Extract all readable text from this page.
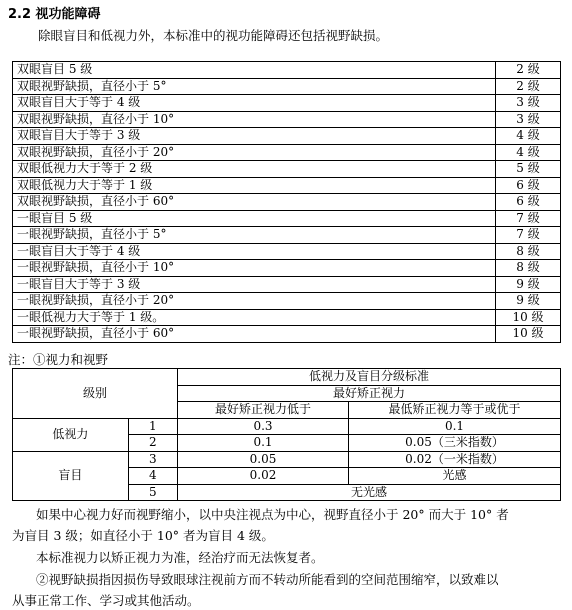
2.2 视功能障碍
除眼盲目和低视力外，本标准中的视功能障碍还包括视野缺损。
双眼盲目 5 级	2 级
双眼视野缺损，直径小于 5°	2 级
双眼盲目大于等于 4 级	3 级
双眼视野缺损，直径小于 10°	3 级
双眼盲目大于等于 3 级	4 级
双眼视野缺损，直径小于 20°	4 级
双眼低视力大于等于 2 级	5 级
双眼低视力大于等于 1 级	6 级
双眼视野缺损，直径小于 60°	6 级
一眼盲目 5 级	7 级
一眼视野缺损，直径小于 5°	7 级
一眼盲目大于等于 4 级	8 级
一眼视野缺损，直径小于 10°	8 级
一眼盲目大于等于 3 级	9 级
一眼视野缺损，直径小于 20°	9 级
一眼低视力大于等于 1 级。	10 级
一眼视野缺损，直径小于 60°	10 级
注：①视力和视野
级别		低视力及盲目分级标准	
		最好矫正视力	
		最好矫正视力低于	最低矫正视力等于或优于
低视力	1	0.3	0.1
	2	0.1	0.05（三米指数）
盲目	3	0.05	0.02（一米指数）
	4	0.02	光感
	5	无光感	
如果中心视力好而视野缩小，以中央注视点为中心，视野直径小于 20° 而大于 10° 者
为盲目 3 级；如直径小于 10° 者为盲目 4 级。
本标准视力以矫正视力为准，经治疗而无法恢复者。
②视野缺损指因损伤导致眼球注视前方而不转动所能看到的空间范围缩窄，以致难以
从事正常工作、学习或其他活动。
